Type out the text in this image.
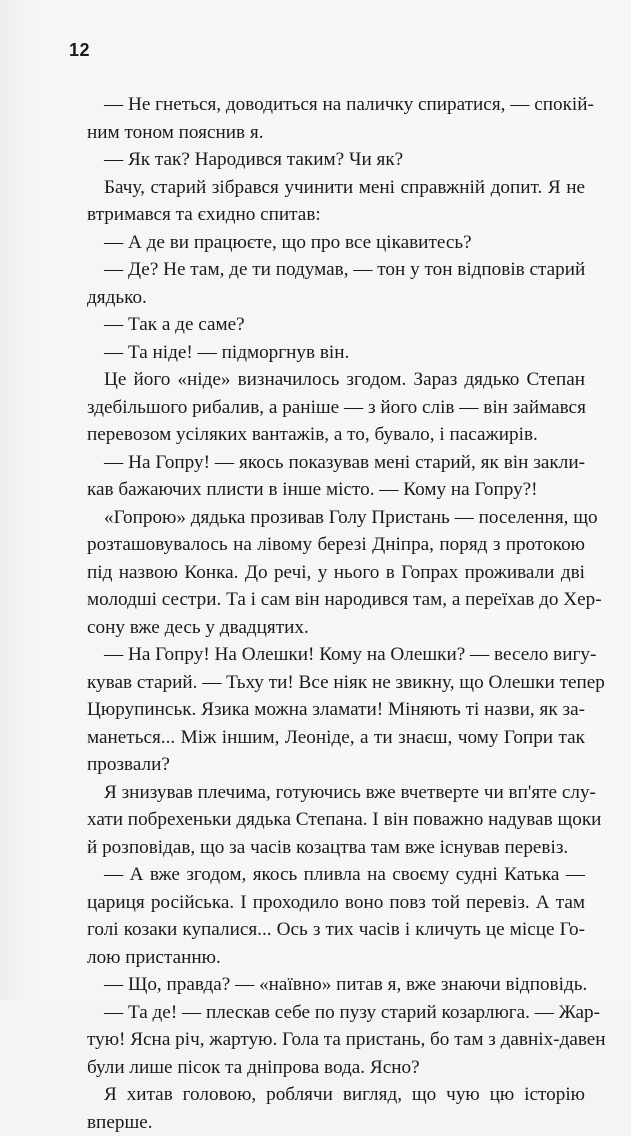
12
— Не гнеться, доводиться на паличку спиратися, — спокій-
ним тоном пояснив я.
— Як так? Народився таким? Чи як?
Бачу, старий зібрався учинити мені справжній допит. Я не
втримався та єхидно спитав:
— А де ви працюєте, що про все цікавитесь?
— Де? Не там, де ти подумав, — тон у тон відповів старий
дядько.
— Так а де саме?
— Та ніде! — підморгнув він.
Це його «ніде» визначилось згодом. Зараз дядько Степан
здебільшого рибалив, а раніше — з його слів — він займався
перевозом усіляких вантажів, а то, бувало, і пасажирів.
— На Гопру! — якось показував мені старий, як він закли-
кав бажаючих плисти в інше місто. — Кому на Гопру?!
«Гопрою» дядька прозивав Голу Пристань — поселення, що
розташовувалось на лівому березі Дніпра, поряд з протокою
під назвою Конка. До речі, у нього в Гопрах проживали дві
молодші сестри. Та і сам він народився там, а переїхав до Хер-
сону вже десь у двадцятих.
— На Гопру! На Олешки! Кому на Олешки? — весело вигу-
кував старий. — Тьху ти! Все ніяк не звикну, що Олешки тепер
Цюрупинськ. Язика можна зламати! Міняють ті назви, як за-
манеться... Між іншим, Леоніде, а ти знаєш, чому Гопри так
прозвали?
Я знизував плечима, готуючись вже вчетверте чи вп'яте слу-
хати побрехеньки дядька Степана. І він поважно надував щоки
й розповідав, що за часів козацтва там вже існував перевіз.
— А вже згодом, якось пливла на своєму судні Катька —
цариця російська. І проходило воно повз той перевіз. А там
голі козаки купалися... Ось з тих часів і кличуть це місце Го-
лою пристанню.
— Що, правда? — «наївно» питав я, вже знаючи відповідь.
— Та де! — плескав себе по пузу старий козарлюга. — Жар-
тую! Ясна річ, жартую. Гола та пристань, бо там з давніх-давен
були лише пісок та дніпрова вода. Ясно?
Я хитав головою, роблячи вигляд, що чую цю історію
вперше.
